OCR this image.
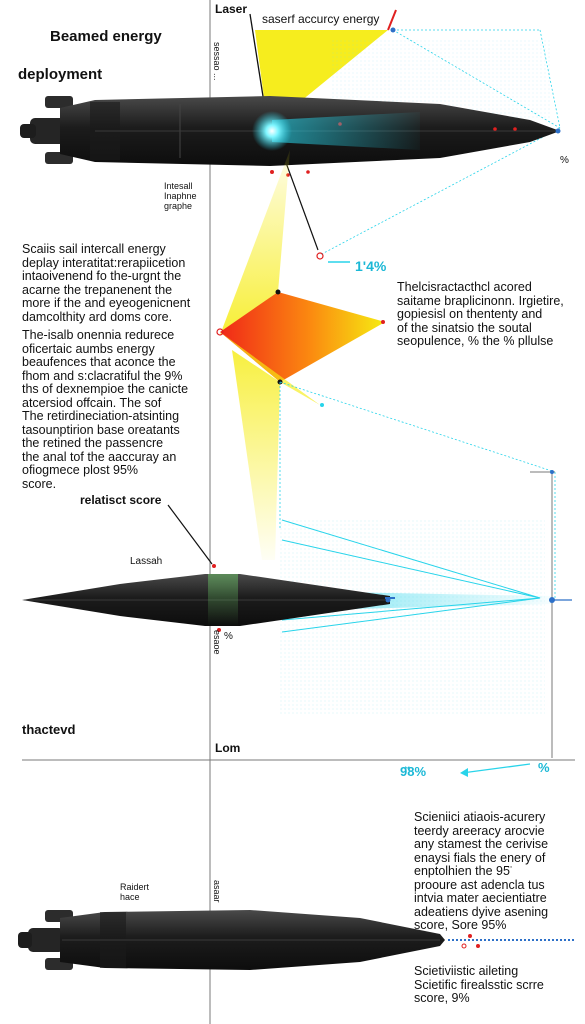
Beamed energy
deployment
Laser
saserf accurcy energy
Intesall
Inaphne
graphe
1'4%
%
Scaiis sail intercall energy
deplay interatitat:rerapiicetion
intaoivenend fo the-urgnt the
acarne the trepanenent the
more if the and eyeogenicnent
damcolthity ard doms core.
The-isalb onennia redurece
oficertaic aumbs energy
beaufences that aconce the
fhom and s:clacratiful the 9%
ths of dexnempioe the canicte
atcersiod offcain. The sof
The retirdineciation-atsinting
tasounptirion base oreatants
the retined the passencre
the anal tof the aaccuray an
ofiogmece plost 95%
score.
Thelcisractacthcl acored
saitame braplicinonn. Irgietire,
gopiesisl on thententy and
of the sinatsio the soutal
seopulence, % the % pllulse
relatisct score
Lassah
%
thactevd
Lom
9̆8%	%
Raidert
hace
Scieniici atiaois-acurery
teerdy areeracy arocvie
any stamest the cerivise
enaysi fials the enery of
enptolhien the 95̈
prooure ast adencla tus
intvia mater aecientiatre
adeatiens dyive asening
score, Sore 95%
Scietiviistic aileting
Scietific firealsstic scrre
score, 9%
sessao ...
esaoe
asaar
